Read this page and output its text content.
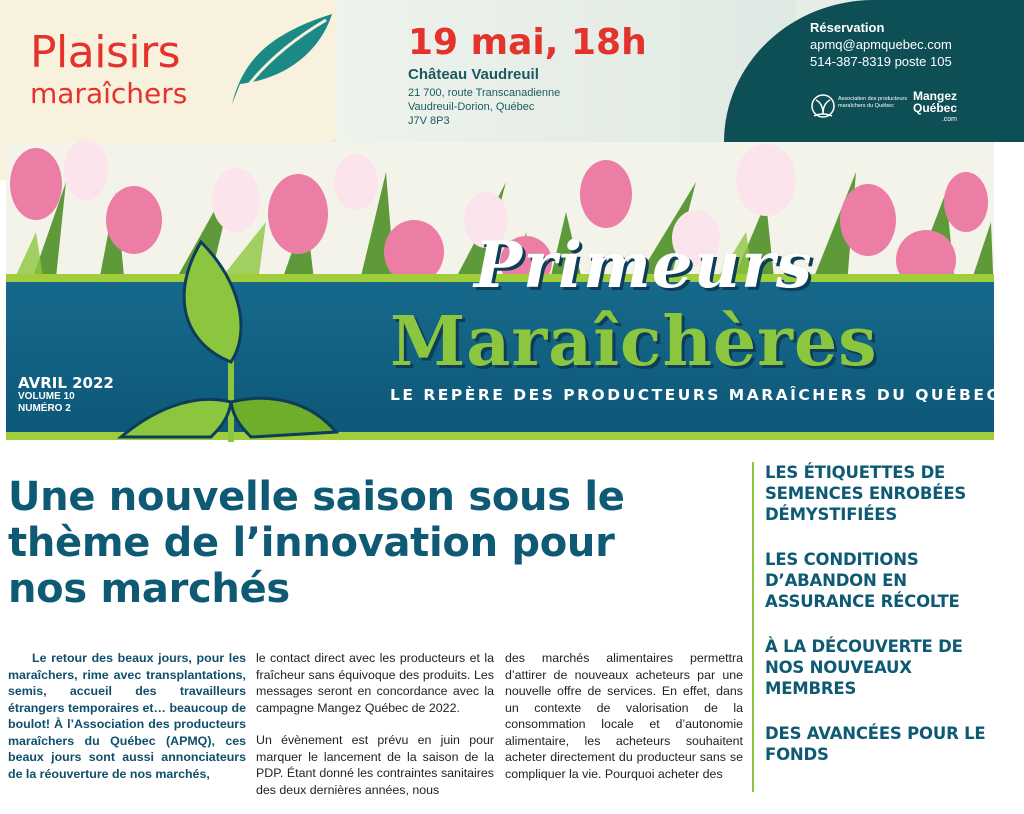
Plaisirs
maraîchers
19 mai, 18h
Château Vaudreuil
21 700, route Transcanadienne
Vaudreuil-Dorion, Québec
J7V 8P3
Réservation
apmq@apmquebec.com
514-387-8319 poste 105
Association des producteurs maraîchers du Québec
Mangez
Québec
.com
Primeurs
Maraîchères
LE REPÈRE DES PRODUCTEURS MARAÎCHERS DU QUÉBEC
AVRIL 2022
VOLUME 10
NUMÉRO 2
Une nouvelle saison sous le thème de l’innovation pour nos marchés

Le retour des beaux jours, pour les maraîchers, rime avec transplantations, semis, accueil des travailleurs étrangers temporaires et… beaucoup de boulot! À l’Association des producteurs maraîchers du Québec (APMQ), ces beaux jours sont aussi annonciateurs de la réouverture de nos marchés,

le contact direct avec les producteurs et la fraîcheur sans équivoque des produits. Les messages seront en concordance avec la campagne Mangez Québec de 2022.

Un évènement est prévu en juin pour marquer le lancement de la saison de la PDP. Étant donné les contraintes sanitaires des deux dernières années, nous

des marchés alimentaires permettra d’attirer de nouveaux acheteurs par une nouvelle offre de services. En effet, dans un contexte de valorisation de la consommation locale et d’autonomie alimentaire, les acheteurs souhaitent acheter directement du producteur sans se compliquer la vie. Pourquoi acheter des

LES ÉTIQUETTES DE SEMENCES ENROBÉES DÉMYSTIFIÉES
LES CONDITIONS D’ABANDON EN ASSURANCE RÉCOLTE
À LA DÉCOUVERTE DE NOS NOUVEAUX MEMBRES
DES AVANCÉES POUR LE FONDS
